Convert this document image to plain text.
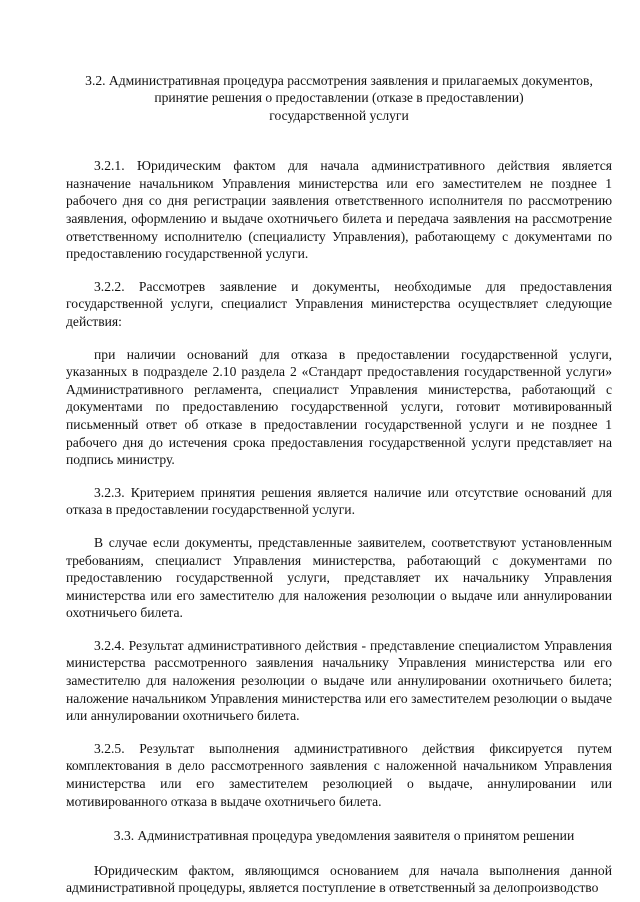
3.2. Административная процедура рассмотрения заявления и прилагаемых документов,
принятие решения о предоставлении (отказе в предоставлении)
государственной услуги

3.2.1. Юридическим фактом для начала административного действия является назначение начальником Управления министерства или его заместителем не позднее 1 рабочего дня со дня регистрации заявления ответственного исполнителя по рассмотрению заявления, оформлению и выдаче охотничьего билета и передача заявления на рассмотрение ответственному исполнителю (специалисту Управления), работающему с документами по предоставлению государственной услуги.

3.2.2. Рассмотрев заявление и документы, необходимые для предоставления государственной услуги, специалист Управления министерства осуществляет следующие действия:

при наличии оснований для отказа в предоставлении государственной услуги, указанных в подразделе 2.10 раздела 2 «Стандарт предоставления государственной услуги» Административного регламента, специалист Управления министерства, работающий с документами по предоставлению государственной услуги, готовит мотивированный письменный ответ об отказе в предоставлении государственной услуги и не позднее 1 рабочего дня до истечения срока предоставления государственной услуги представляет на подпись министру.

3.2.3. Критерием принятия решения является наличие или отсутствие оснований для отказа в предоставлении государственной услуги.

В случае если документы, представленные заявителем, соответствуют установленным требованиям, специалист Управления министерства, работающий с документами по предоставлению государственной услуги, представляет их начальнику Управления министерства или его заместителю для наложения резолюции о выдаче или аннулировании охотничьего билета.

3.2.4. Результат административного действия - представление специалистом Управления министерства рассмотренного заявления начальнику Управления министерства или его заместителю для наложения резолюции о выдаче или аннулировании охотничьего билета; наложение начальником Управления министерства или его заместителем резолюции о выдаче или аннулировании охотничьего билета.

3.2.5. Результат выполнения административного действия фиксируется путем комплектования в дело рассмотренного заявления с наложенной начальником Управления министерства или его заместителем резолюцией о выдаче, аннулировании или мотивированного отказа в выдаче охотничьего билета.

3.3. Административная процедура уведомления заявителя о принятом решении

Юридическим фактом, являющимся основанием для начала выполнения данной административной процедуры, является поступление в ответственный за делопроизводство
